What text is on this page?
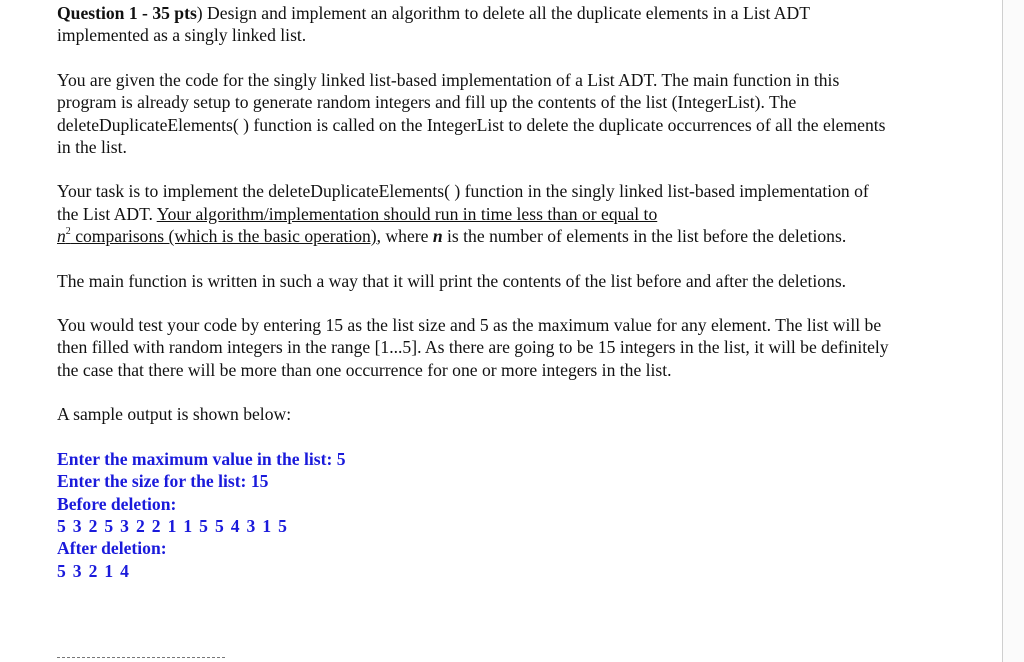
Question 1 - 35 pts) Design and implement an algorithm to delete all the duplicate elements in a List ADT implemented as a singly linked list.

You are given the code for the singly linked list-based implementation of a List ADT. The main function in this program is already setup to generate random integers and fill up the contents of the list (IntegerList). The deleteDuplicateElements( ) function is called on the IntegerList to delete the duplicate occurrences of all the elements in the list.

Your task is to implement the deleteDuplicateElements( ) function in the singly linked list-based implementation of the List ADT. Your algorithm/implementation should run in time less than or equal to
$n^2$ comparisons (which is the basic operation), where n is the number of elements in the list before the deletions.

The main function is written in such a way that it will print the contents of the list before and after the deletions.

You would test your code by entering 15 as the list size and 5 as the maximum value for any element. The list will be then filled with random integers in the range [1...5]. As there are going to be 15 integers in the list, it will be definitely the case that there will be more than one occurrence for one or more integers in the list.

A sample output is shown below:

Enter the maximum value in the list: 5
Enter the size for the list: 15
Before deletion:
5 3 2 5 3 2 2 1 1 5 5 4 3 1 5
After deletion:
5 3 2 1 4
